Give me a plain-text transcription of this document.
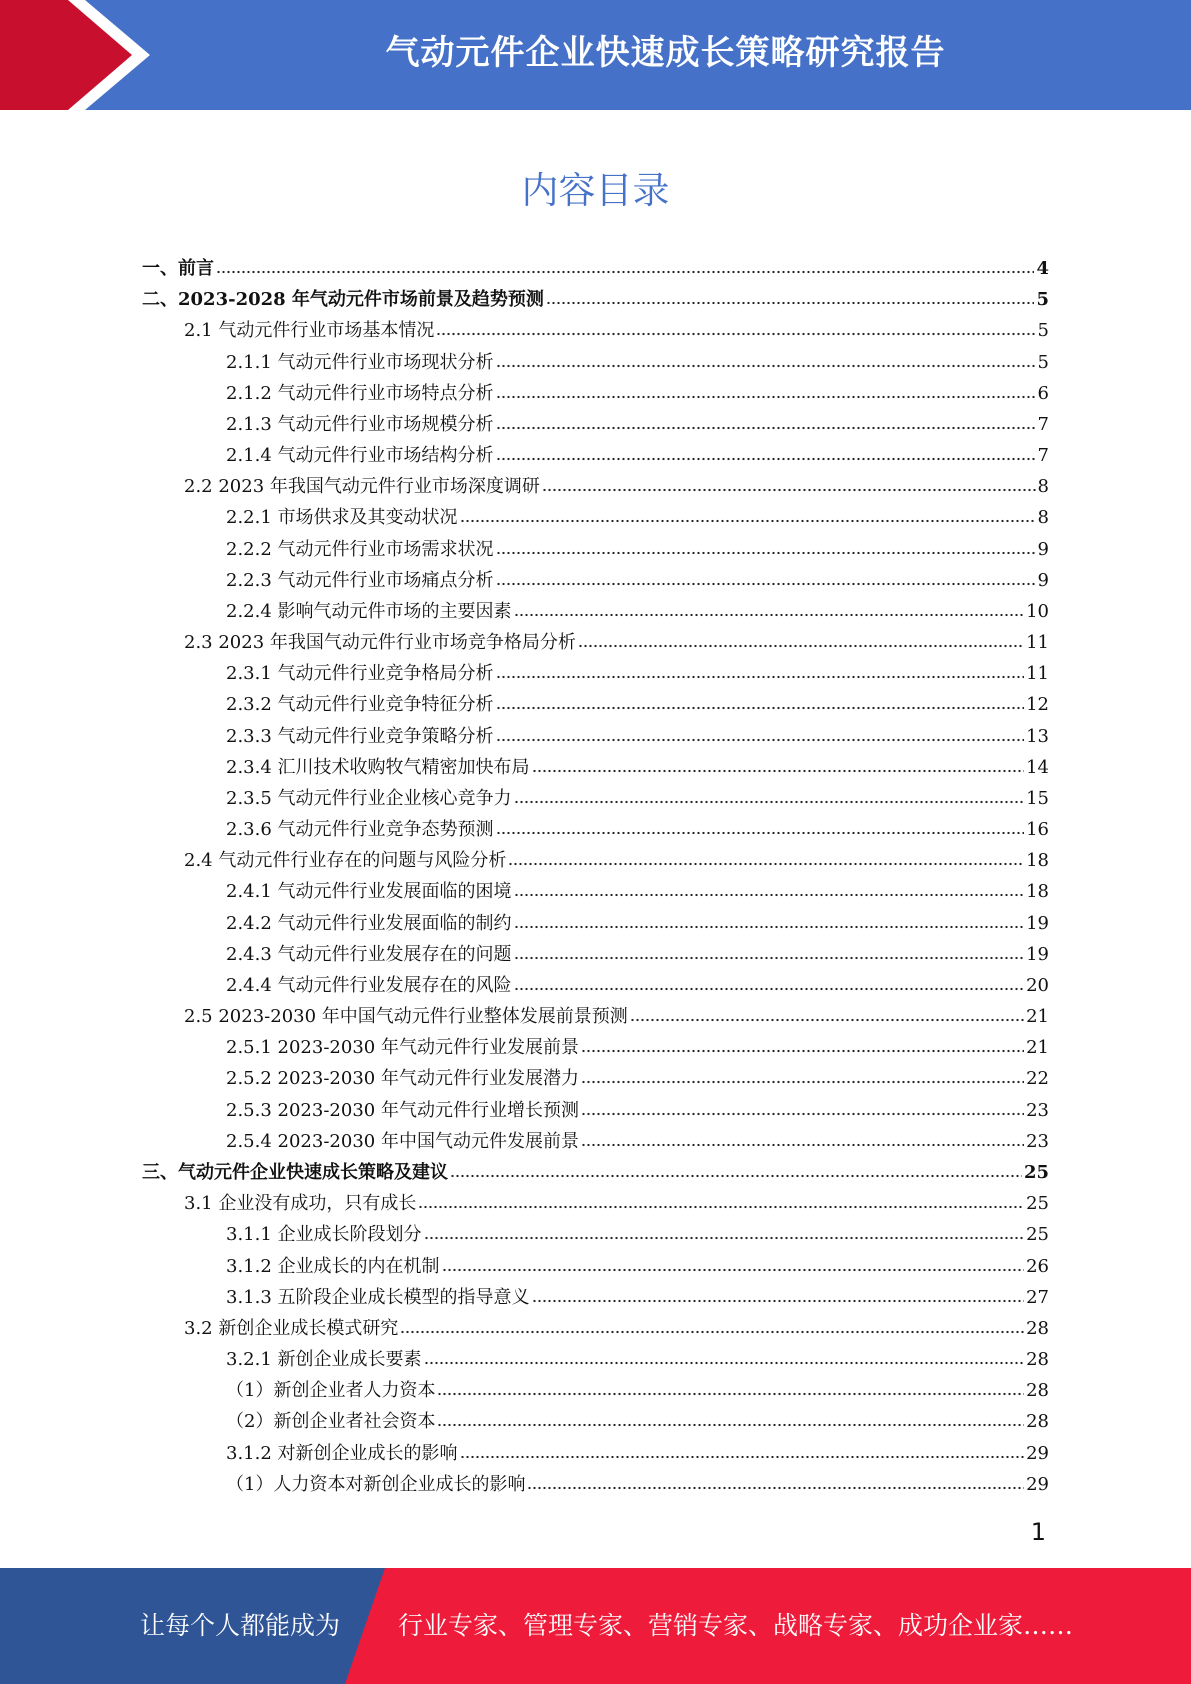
气动元件企业快速成长策略研究报告
内容目录
一、前言	4
二、2023-2028 年气动元件市场前景及趋势预测	5
2.1 气动元件行业市场基本情况	5
2.1.1 气动元件行业市场现状分析	5
2.1.2 气动元件行业市场特点分析	6
2.1.3 气动元件行业市场规模分析	7
2.1.4 气动元件行业市场结构分析	7
2.2 2023 年我国气动元件行业市场深度调研	8
2.2.1 市场供求及其变动状况	8
2.2.2 气动元件行业市场需求状况	9
2.2.3 气动元件行业市场痛点分析	9
2.2.4 影响气动元件市场的主要因素	10
2.3 2023 年我国气动元件行业市场竞争格局分析	11
2.3.1 气动元件行业竞争格局分析	11
2.3.2 气动元件行业竞争特征分析	12
2.3.3 气动元件行业竞争策略分析	13
2.3.4 汇川技术收购牧气精密加快布局	14
2.3.5 气动元件行业企业核心竞争力	15
2.3.6 气动元件行业竞争态势预测	16
2.4 气动元件行业存在的问题与风险分析	18
2.4.1 气动元件行业发展面临的困境	18
2.4.2 气动元件行业发展面临的制约	19
2.4.3 气动元件行业发展存在的问题	19
2.4.4 气动元件行业发展存在的风险	20
2.5 2023-2030 年中国气动元件行业整体发展前景预测	21
2.5.1 2023-2030 年气动元件行业发展前景	21
2.5.2 2023-2030 年气动元件行业发展潜力	22
2.5.3 2023-2030 年气动元件行业增长预测	23
2.5.4 2023-2030 年中国气动元件发展前景	23
三、气动元件企业快速成长策略及建议	25
3.1 企业没有成功，只有成长	25
3.1.1 企业成长阶段划分	25
3.1.2 企业成长的内在机制	26
3.1.3 五阶段企业成长模型的指导意义	27
3.2 新创企业成长模式研究	28
3.2.1 新创企业成长要素	28
（1）新创企业者人力资本	28
（2）新创企业者社会资本	28
3.1.2 对新创企业成长的影响	29
（1）人力资本对新创企业成长的影响	29
1
让每个人都能成为 行业专家、管理专家、营销专家、战略专家、成功企业家……
